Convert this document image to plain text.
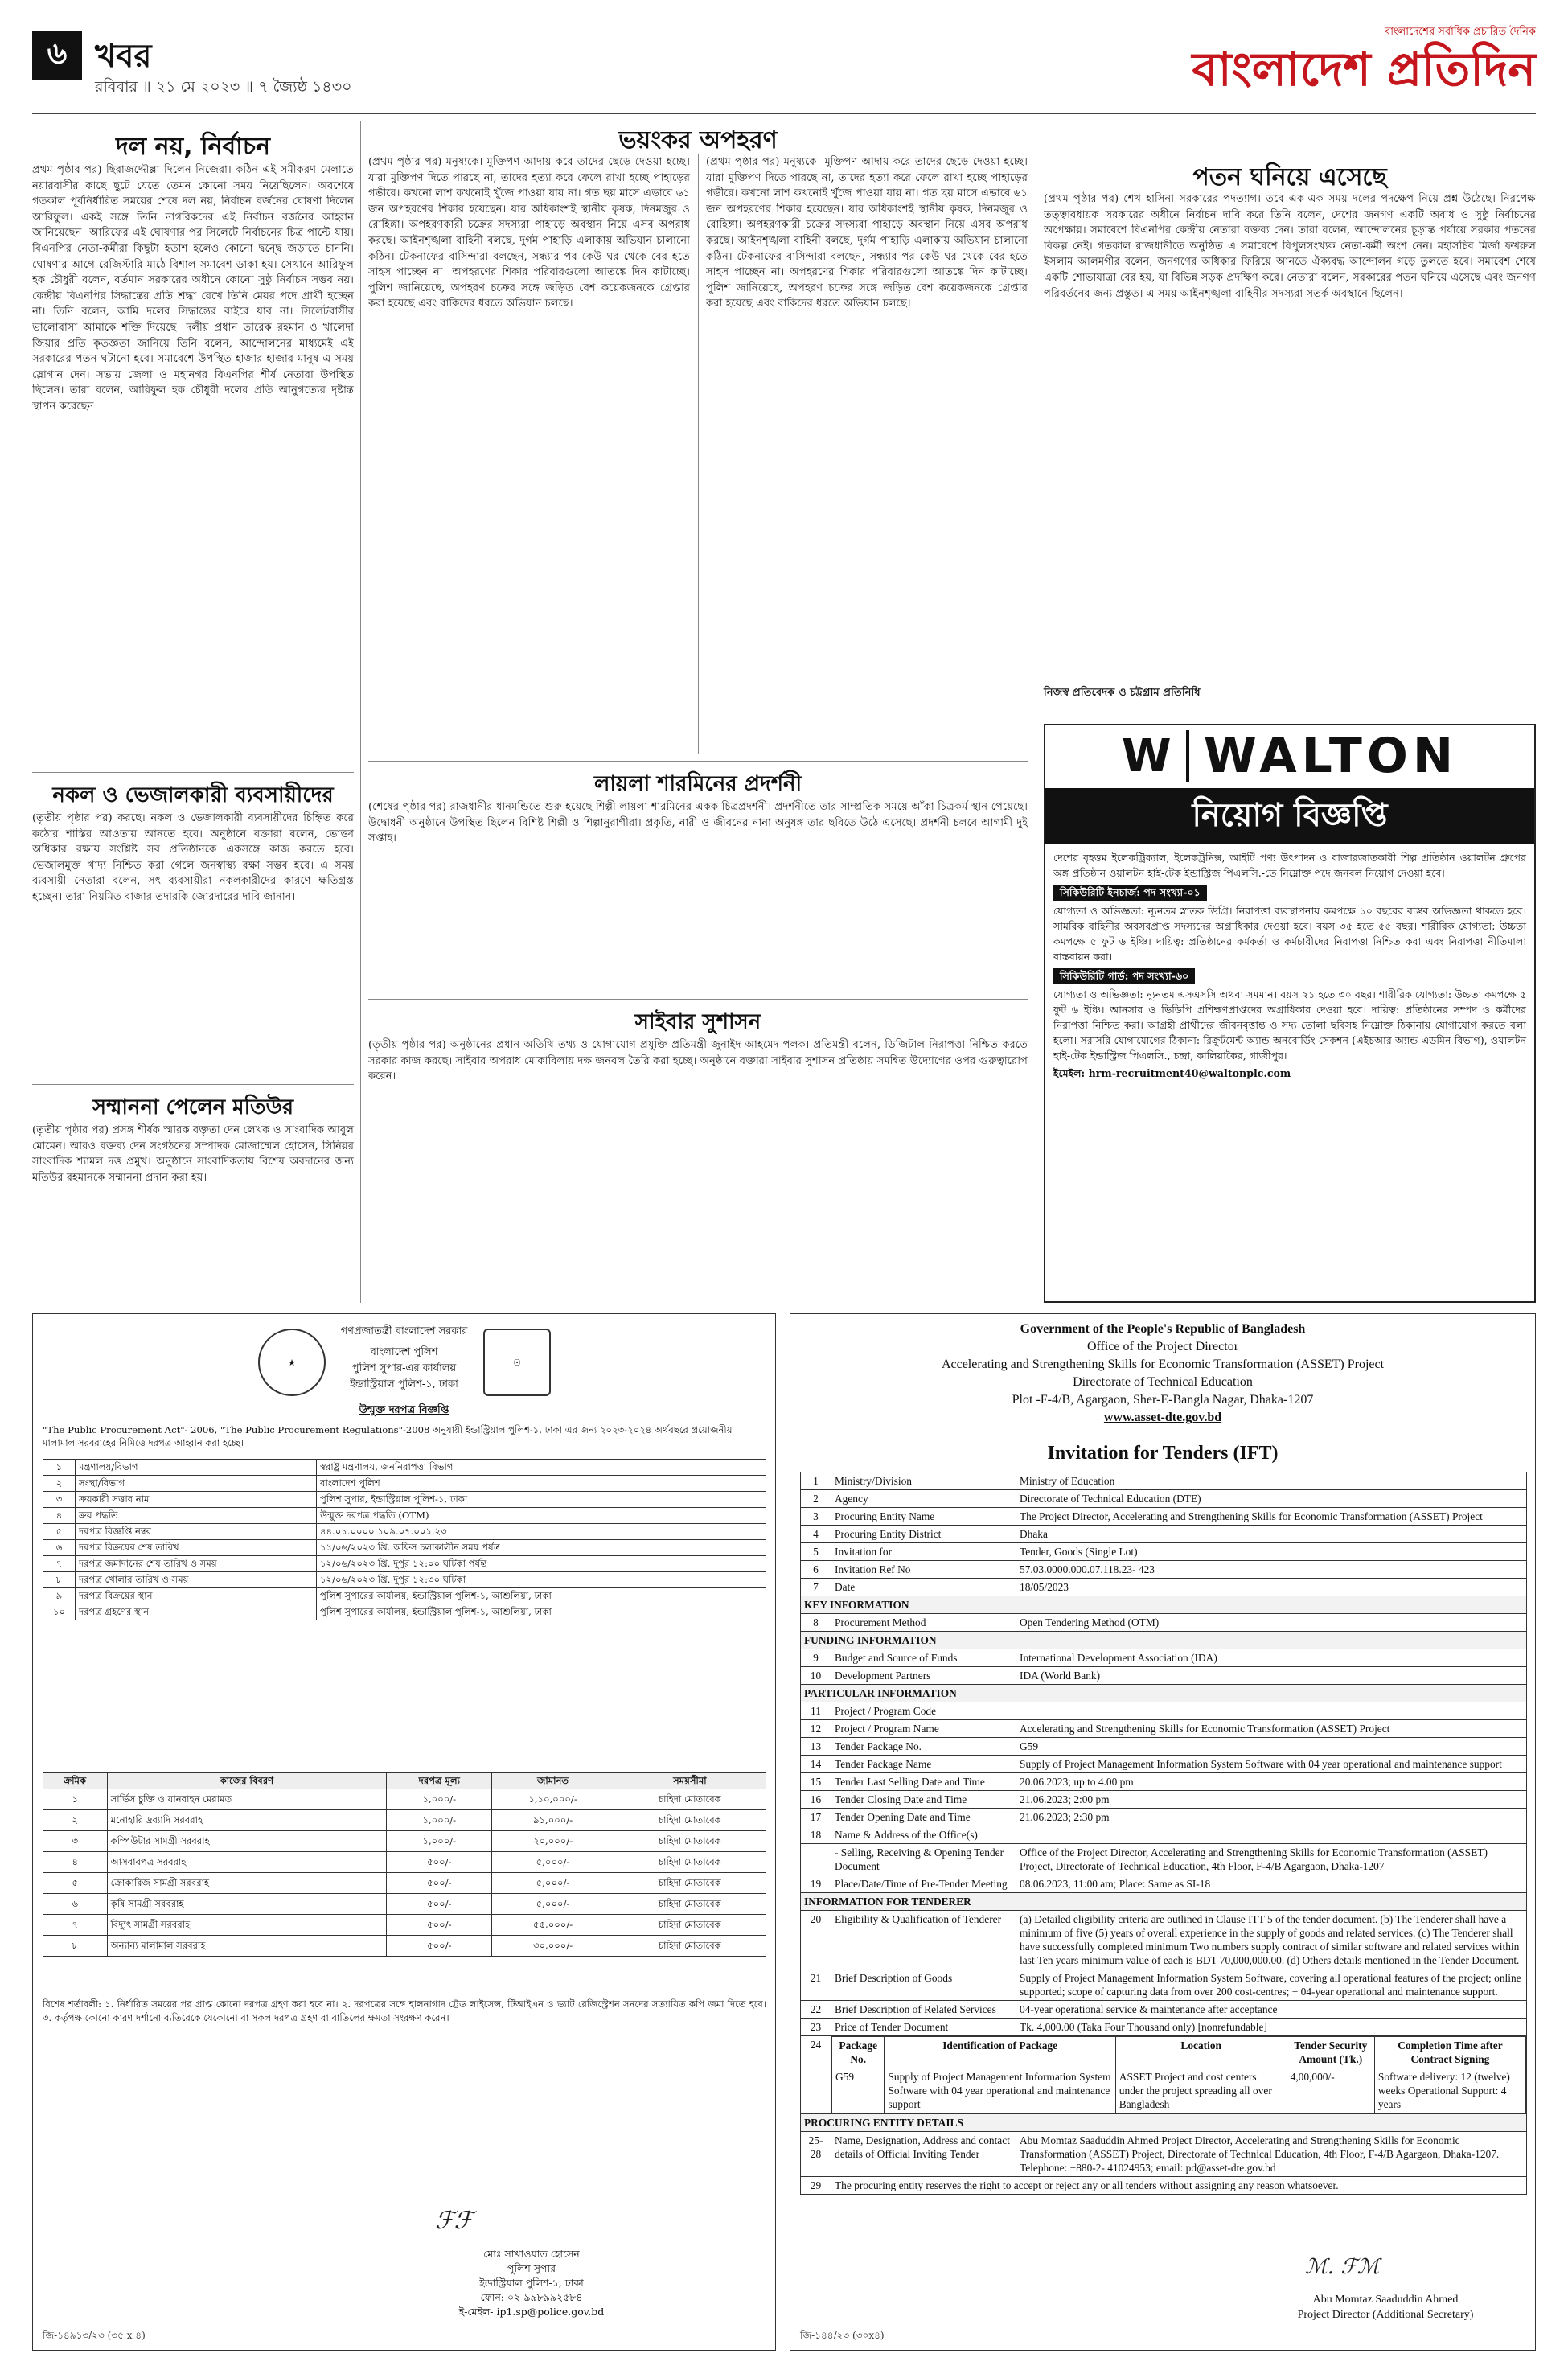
৬ খবর
রবিবার ॥ ২১ মে ২০২৩ ॥ ৭ জ্যৈষ্ঠ ১৪৩০
বাংলাদেশের সর্বাধিক প্রচারিত দৈনিক
বাংলাদেশ প্রতিদিন
দল নয়, নির্বাচন
প্রথম পৃষ্ঠার পর) ছিরাজদ্দৌল্লা দিলেন নিজেরা। কঠিন এই সমীকরণ মেলাতে নয়ারবাসীর কাছে ছুটে যেতে তেমন কোনো সময় নিয়েছিলেন। অবশেষে গতকাল পূর্বনির্ধারিত সময়ের শেষে দল নয়, নির্বাচন বর্জনের ঘোষণা দিলেন আরিফুল। একই সঙ্গে তিনি নাগরিকদের এই নির্বাচন বর্জনের আহ্বান জানিয়েছেন। আরিফের এই ঘোষণার পর সিলেটে নির্বাচনের চিত্র পাল্টে যায়। বিএনপির নেতা-কর্মীরা কিছুটা হতাশ হলেও কোনো দ্বন্দ্বে জড়াতে চাননি। ঘোষণার আগে রেজিস্টারি মাঠে বিশাল সমাবেশ ডাকা হয়। সেখানে আরিফুল হক চৌধুরী বলেন, বর্তমান সরকারের অধীনে কোনো সুষ্ঠু নির্বাচন সম্ভব নয়। কেন্দ্রীয় বিএনপির সিদ্ধান্তের প্রতি শ্রদ্ধা রেখে তিনি মেয়র পদে প্রার্থী হচ্ছেন না। তিনি বলেন, আমি দলের সিদ্ধান্তের বাইরে যাব না। সিলেটবাসীর ভালোবাসা আমাকে শক্তি দিয়েছে। দলীয় প্রধান তারেক রহমান ও খালেদা জিয়ার প্রতি কৃতজ্ঞতা জানিয়ে তিনি বলেন, আন্দোলনের মাধ্যমেই এই সরকারের পতন ঘটানো হবে। সমাবেশে উপস্থিত হাজার হাজার মানুষ এ সময় স্লোগান দেন। সভায় জেলা ও মহানগর বিএনপির শীর্ষ নেতারা উপস্থিত ছিলেন। তারা বলেন, আরিফুল হক চৌধুরী দলের প্রতি আনুগত্যের দৃষ্টান্ত স্থাপন করেছেন।
নকল ও ভেজালকারী ব্যবসায়ীদের
(তৃতীয় পৃষ্ঠার পর) করছে। নকল ও ভেজালকারী ব্যবসায়ীদের চিহ্নিত করে কঠোর শাস্তির আওতায় আনতে হবে। অনুষ্ঠানে বক্তারা বলেন, ভোক্তা অধিকার রক্ষায় সংশ্লিষ্ট সব প্রতিষ্ঠানকে একসঙ্গে কাজ করতে হবে। ভেজালমুক্ত খাদ্য নিশ্চিত করা গেলে জনস্বাস্থ্য রক্ষা সম্ভব হবে। এ সময় ব্যবসায়ী নেতারা বলেন, সৎ ব্যবসায়ীরা নকলকারীদের কারণে ক্ষতিগ্রস্ত হচ্ছেন। তারা নিয়মিত বাজার তদারকি জোরদারের দাবি জানান।
সম্মাননা পেলেন মতিউর
(তৃতীয় পৃষ্ঠার পর) প্রসঙ্গ শীর্ষক স্মারক বক্তৃতা দেন লেখক ও সাংবাদিক আবুল মোমেন। আরও বক্তব্য দেন সংগঠনের সম্পাদক মোজাম্মেল হোসেন, সিনিয়র সাংবাদিক শ্যামল দত্ত প্রমুখ। অনুষ্ঠানে সাংবাদিকতায় বিশেষ অবদানের জন্য মতিউর রহমানকে সম্মাননা প্রদান করা হয়।
ভয়ংকর অপহরণ
(প্রথম পৃষ্ঠার পর) মনুষ্যকে। মুক্তিপণ আদায় করে তাদের ছেড়ে দেওয়া হচ্ছে। যারা মুক্তিপণ দিতে পারছে না, তাদের হত্যা করে ফেলে রাখা হচ্ছে পাহাড়ের গভীরে। কখনো লাশ কখনোই খুঁজে পাওয়া যায় না। গত ছয় মাসে এভাবে ৬১ জন অপহরণের শিকার হয়েছেন। যার অধিকাংশই স্থানীয় কৃষক, দিনমজুর ও রোহিঙ্গা। অপহরণকারী চক্রের সদস্যরা পাহাড়ে অবস্থান নিয়ে এসব অপরাধ করছে। আইনশৃঙ্খলা বাহিনী বলছে, দুর্গম পাহাড়ি এলাকায় অভিযান চালানো কঠিন। টেকনাফের বাসিন্দারা বলছেন, সন্ধ্যার পর কেউ ঘর থেকে বের হতে সাহস পাচ্ছেন না। অপহরণের শিকার পরিবারগুলো আতঙ্কে দিন কাটাচ্ছে। পুলিশ জানিয়েছে, অপহরণ চক্রের সঙ্গে জড়িত বেশ কয়েকজনকে গ্রেপ্তার করা হয়েছে এবং বাকিদের ধরতে অভিযান চলছে।
(প্রথম পৃষ্ঠার পর) মনুষ্যকে। মুক্তিপণ আদায় করে তাদের ছেড়ে দেওয়া হচ্ছে। যারা মুক্তিপণ দিতে পারছে না, তাদের হত্যা করে ফেলে রাখা হচ্ছে পাহাড়ের গভীরে। কখনো লাশ কখনোই খুঁজে পাওয়া যায় না। গত ছয় মাসে এভাবে ৬১ জন অপহরণের শিকার হয়েছেন। যার অধিকাংশই স্থানীয় কৃষক, দিনমজুর ও রোহিঙ্গা। অপহরণকারী চক্রের সদস্যরা পাহাড়ে অবস্থান নিয়ে এসব অপরাধ করছে। আইনশৃঙ্খলা বাহিনী বলছে, দুর্গম পাহাড়ি এলাকায় অভিযান চালানো কঠিন। টেকনাফের বাসিন্দারা বলছেন, সন্ধ্যার পর কেউ ঘর থেকে বের হতে সাহস পাচ্ছেন না। অপহরণের শিকার পরিবারগুলো আতঙ্কে দিন কাটাচ্ছে। পুলিশ জানিয়েছে, অপহরণ চক্রের সঙ্গে জড়িত বেশ কয়েকজনকে গ্রেপ্তার করা হয়েছে এবং বাকিদের ধরতে অভিযান চলছে।
লায়লা শারমিনের প্রদর্শনী
(শেষের পৃষ্ঠার পর) রাজধানীর ধানমন্ডিতে শুরু হয়েছে শিল্পী লায়লা শারমিনের একক চিত্রপ্রদর্শনী। প্রদর্শনীতে তার সাম্প্রতিক সময়ে আঁকা চিত্রকর্ম স্থান পেয়েছে। উদ্বোধনী অনুষ্ঠানে উপস্থিত ছিলেন বিশিষ্ট শিল্পী ও শিল্পানুরাগীরা। প্রকৃতি, নারী ও জীবনের নানা অনুষঙ্গ তার ছবিতে উঠে এসেছে। প্রদর্শনী চলবে আগামী দুই সপ্তাহ।
সাইবার সুশাসন
(তৃতীয় পৃষ্ঠার পর) অনুষ্ঠানের প্রধান অতিথি তথ্য ও যোগাযোগ প্রযুক্তি প্রতিমন্ত্রী জুনাইদ আহমেদ পলক। প্রতিমন্ত্রী বলেন, ডিজিটাল নিরাপত্তা নিশ্চিত করতে সরকার কাজ করছে। সাইবার অপরাধ মোকাবিলায় দক্ষ জনবল তৈরি করা হচ্ছে। অনুষ্ঠানে বক্তারা সাইবার সুশাসন প্রতিষ্ঠায় সমন্বিত উদ্যোগের ওপর গুরুত্বারোপ করেন।
পতন ঘনিয়ে এসেছে
(প্রথম পৃষ্ঠার পর) শেখ হাসিনা সরকারের পদত্যাগ। তবে এক-এক সময় দলের পদক্ষেপ নিয়ে প্রশ্ন উঠেছে। নিরপেক্ষ তত্ত্বাবধায়ক সরকারের অধীনে নির্বাচন দাবি করে তিনি বলেন, দেশের জনগণ একটি অবাধ ও সুষ্ঠু নির্বাচনের অপেক্ষায়। সমাবেশে বিএনপির কেন্দ্রীয় নেতারা বক্তব্য দেন। তারা বলেন, আন্দোলনের চূড়ান্ত পর্যায়ে সরকার পতনের বিকল্প নেই। গতকাল রাজধানীতে অনুষ্ঠিত এ সমাবেশে বিপুলসংখ্যক নেতা-কর্মী অংশ নেন। মহাসচিব মির্জা ফখরুল ইসলাম আলমগীর বলেন, জনগণের অধিকার ফিরিয়ে আনতে ঐক্যবদ্ধ আন্দোলন গড়ে তুলতে হবে। সমাবেশ শেষে একটি শোভাযাত্রা বের হয়, যা বিভিন্ন সড়ক প্রদক্ষিণ করে। নেতারা বলেন, সরকারের পতন ঘনিয়ে এসেছে এবং জনগণ পরিবর্তনের জন্য প্রস্তুত। এ সময় আইনশৃঙ্খলা বাহিনীর সদস্যরা সতর্ক অবস্থানে ছিলেন।
নিজস্ব প্রতিবেদক ও চট্টগ্রাম প্রতিনিধি
W WALTON
নিয়োগ বিজ্ঞপ্তি

দেশের বৃহত্তম ইলেকট্রিক্যাল, ইলেকট্রনিক্স, আইটি পণ্য উৎপাদন ও বাজারজাতকারী শিল্প প্রতিষ্ঠান ওয়ালটন গ্রুপের অঙ্গ প্রতিষ্ঠান ওয়ালটন হাই-টেক ইন্ডাস্ট্রিজ পিএলসি.-তে নিম্নোক্ত পদে জনবল নিয়োগ দেওয়া হবে।

সিকিউরিটি ইনচার্জ: পদ সংখ্যা-০১

যোগ্যতা ও অভিজ্ঞতা: ন্যূনতম স্নাতক ডিগ্রি। নিরাপত্তা ব্যবস্থাপনায় কমপক্ষে ১০ বছরের বাস্তব অভিজ্ঞতা থাকতে হবে। সামরিক বাহিনীর অবসরপ্রাপ্ত সদস্যদের অগ্রাধিকার দেওয়া হবে। বয়স ৩৫ হতে ৫৫ বছর। শারীরিক যোগ্যতা: উচ্চতা কমপক্ষে ৫ ফুট ৬ ইঞ্চি। দায়িত্ব: প্রতিষ্ঠানের কর্মকর্তা ও কর্মচারীদের নিরাপত্তা নিশ্চিত করা এবং নিরাপত্তা নীতিমালা বাস্তবায়ন করা।

সিকিউরিটি গার্ড: পদ সংখ্যা-৬০

যোগ্যতা ও অভিজ্ঞতা: ন্যূনতম এসএসসি অথবা সমমান। বয়স ২১ হতে ৩০ বছর। শারীরিক যোগ্যতা: উচ্চতা কমপক্ষে ৫ ফুট ৬ ইঞ্চি। আনসার ও ভিডিপি প্রশিক্ষণপ্রাপ্তদের অগ্রাধিকার দেওয়া হবে। দায়িত্ব: প্রতিষ্ঠানের সম্পদ ও কর্মীদের নিরাপত্তা নিশ্চিত করা। আগ্রহী প্রার্থীদের জীবনবৃত্তান্ত ও সদ্য তোলা ছবিসহ নিম্নোক্ত ঠিকানায় যোগাযোগ করতে বলা হলো। সরাসরি যোগাযোগের ঠিকানা: রিক্রুটমেন্ট অ্যান্ড অনবোর্ডিং সেকশন (এইচআর অ্যান্ড এডমিন বিভাগ), ওয়ালটন হাই-টেক ইন্ডাস্ট্রিজ পিএলসি., চন্দ্রা, কালিয়াকৈর, গাজীপুর।

ইমেইল: hrm-recruitment40@waltonplc.com

★	☉
গণপ্রজাতন্ত্রী বাংলাদেশ সরকার
বাংলাদেশ পুলিশ
পুলিশ সুপার-এর কার্যালয়
ইন্ডাস্ট্রিয়াল পুলিশ-১, ঢাকা
উন্মুক্ত দরপত্র বিজ্ঞপ্তি
"The Public Procurement Act"- 2006, "The Public Procurement Regulations"-2008 অনুযায়ী ইন্ডাস্ট্রিয়াল পুলিশ-১, ঢাকা এর জন্য ২০২৩-২০২৪ অর্থবছরে প্রয়োজনীয় মালামাল সরবরাহের নিমিত্তে দরপত্র আহ্বান করা হচ্ছে।
১	মন্ত্রণালয়/বিভাগ	স্বরাষ্ট্র মন্ত্রণালয়, জননিরাপত্তা বিভাগ
২	সংস্থা/বিভাগ	বাংলাদেশ পুলিশ
৩	ক্রয়কারী সত্তার নাম	পুলিশ সুপার, ইন্ডাস্ট্রিয়াল পুলিশ-১, ঢাকা
৪	ক্রয় পদ্ধতি	উন্মুক্ত দরপত্র পদ্ধতি (OTM)
৫	দরপত্র বিজ্ঞপ্তি নম্বর	৪৪.০১.০০০০.১০৯.০৭.০০১.২৩
৬	দরপত্র বিক্রয়ের শেষ তারিখ	১১/০৬/২০২৩ খ্রি. অফিস চলাকালীন সময় পর্যন্ত
৭	দরপত্র জমাদানের শেষ তারিখ ও সময়	১২/০৬/২০২৩ খ্রি. দুপুর ১২:০০ ঘটিকা পর্যন্ত
৮	দরপত্র খোলার তারিখ ও সময়	১২/০৬/২০২৩ খ্রি. দুপুর ১২:৩০ ঘটিকা
৯	দরপত্র বিক্রয়ের স্থান	পুলিশ সুপারের কার্যালয়, ইন্ডাস্ট্রিয়াল পুলিশ-১, আশুলিয়া, ঢাকা
১০	দরপত্র গ্রহণের স্থান	পুলিশ সুপারের কার্যালয়, ইন্ডাস্ট্রিয়াল পুলিশ-১, আশুলিয়া, ঢাকা
ক্রমিক	কাজের বিবরণ	দরপত্র মূল্য	জামানত	সময়সীমা
১	সার্ভিস চুক্তি ও যানবাহন মেরামত	১,০০০/-	১,১০,০০০/-	চাহিদা মোতাবেক
২	মনোহারি দ্রব্যাদি সরবরাহ	১,০০০/-	৯১,০০০/-	চাহিদা মোতাবেক
৩	কম্পিউটার সামগ্রী সরবরাহ	১,০০০/-	২০,০০০/-	চাহিদা মোতাবেক
৪	আসবাবপত্র সরবরাহ	৫০০/-	৫,০০০/-	চাহিদা মোতাবেক
৫	ক্রোকারিজ সামগ্রী সরবরাহ	৫০০/-	৫,০০০/-	চাহিদা মোতাবেক
৬	কৃষি সামগ্রী সরবরাহ	৫০০/-	৫,০০০/-	চাহিদা মোতাবেক
৭	বিদ্যুৎ সামগ্রী সরবরাহ	৫০০/-	৫৫,০০০/-	চাহিদা মোতাবেক
৮	অন্যান্য মালামাল সরবরাহ	৫০০/-	৩০,০০০/-	চাহিদা মোতাবেক
বিশেষ শর্তাবলী: ১. নির্ধারিত সময়ের পর প্রাপ্ত কোনো দরপত্র গ্রহণ করা হবে না। ২. দরপত্রের সঙ্গে হালনাগাদ ট্রেড লাইসেন্স, টিআইএন ও ভ্যাট রেজিস্ট্রেশন সনদের সত্যায়িত কপি জমা দিতে হবে। ৩. কর্তৃপক্ষ কোনো কারণ দর্শানো ব্যতিরেকে যেকোনো বা সকল দরপত্র গ্রহণ বা বাতিলের ক্ষমতা সংরক্ষণ করেন।
ℱℱ
মোঃ সাখাওয়াত হোসেন
পুলিশ সুপার
ইন্ডাস্ট্রিয়াল পুলিশ-১, ঢাকা
ফোন: ০২-৯৯৮৯৯২৫৮৪
ই-মেইল- ip1.sp@police.gov.bd
জি-১৪৯১৩/২৩ (৩৫ x ৪)
Government of the People's Republic of Bangladesh
Office of the Project Director
Accelerating and Strengthening Skills for Economic Transformation (ASSET) Project
Directorate of Technical Education
Plot -F-4/B, Agargaon, Sher-E-Bangla Nagar, Dhaka-1207
www.asset-dte.gov.bd
Invitation for Tenders (IFT)
1	Ministry/Division	Ministry of Education
2	Agency	Directorate of Technical Education (DTE)
3	Procuring Entity Name	The Project Director, Accelerating and Strengthening Skills for Economic Transformation (ASSET) Project
4	Procuring Entity District	Dhaka
5	Invitation for	Tender, Goods (Single Lot)
6	Invitation Ref No	57.03.0000.000.07.118.23- 423
7	Date	18/05/2023
KEY INFORMATION
8	Procurement Method	Open Tendering Method (OTM)
FUNDING INFORMATION
9	Budget and Source of Funds	International Development Association (IDA)
10	Development Partners	IDA (World Bank)
PARTICULAR INFORMATION
11	Project / Program Code	
12	Project / Program Name	Accelerating and Strengthening Skills for Economic Transformation (ASSET) Project
13	Tender Package No.	G59
14	Tender Package Name	Supply of Project Management Information System Software with 04 year operational and maintenance support
15	Tender Last Selling Date and Time	20.06.2023; up to 4.00 pm
16	Tender Closing Date and Time	21.06.2023; 2:00 pm
17	Tender Opening Date and Time	21.06.2023; 2:30 pm
18	Name & Address of the Office(s)	
	- Selling, Receiving & Opening Tender Document	Office of the Project Director, Accelerating and Strengthening Skills for Economic Transformation (ASSET) Project, Directorate of Technical Education, 4th Floor, F-4/B Agargaon, Dhaka-1207
19	Place/Date/Time of Pre-Tender Meeting	08.06.2023, 11:00 am; Place: Same as SI-18
INFORMATION FOR TENDERER
20	Eligibility & Qualification of Tenderer	(a) Detailed eligibility criteria are outlined in Clause ITT 5 of the tender document. (b) The Tenderer shall have a minimum of five (5) years of overall experience in the supply of goods and related services. (c) The Tenderer shall have successfully completed minimum Two numbers supply contract of similar software and related services within last Ten years minimum value of each is BDT 70,000,000.00. (d) Others details mentioned in the Tender Document.
21	Brief Description of Goods	Supply of Project Management Information System Software, covering all operational features of the project; online supported; scope of capturing data from over 200 cost-centres; + 04-year operational and maintenance support.
22	Brief Description of Related Services	04-year operational service & maintenance after acceptance
23	Price of Tender Document	Tk. 4,000.00 (Taka Four Thousand only) [nonrefundable]
24	Package No.	Identification of Package	Location	Tender Security Amount (Tk.)	Completion Time after Contract Signing
G59	Supply of Project Management Information System Software with 04 year operational and maintenance support	ASSET Project and cost centers under the project spreading all over Bangladesh	4,00,000/-	Software delivery: 12 (twelve) weeks Operational Support: 4 years

PROCURING ENTITY DETAILS
25-28	Name, Designation, Address and contact details of Official Inviting Tender	Abu Momtaz Saaduddin Ahmed Project Director, Accelerating and Strengthening Skills for Economic Transformation (ASSET) Project, Directorate of Technical Education, 4th Floor, F-4/B Agargaon, Dhaka-1207. Telephone: +880-2- 41024953; email: pd@asset-dte.gov.bd
29	The procuring entity reserves the right to accept or reject any or all tenders without assigning any reason whatsoever.
ℳ. ℱℳ
Abu Momtaz Saaduddin Ahmed
Project Director (Additional Secretary)
জি-১৪৪/২৩ (৩০x৪)
